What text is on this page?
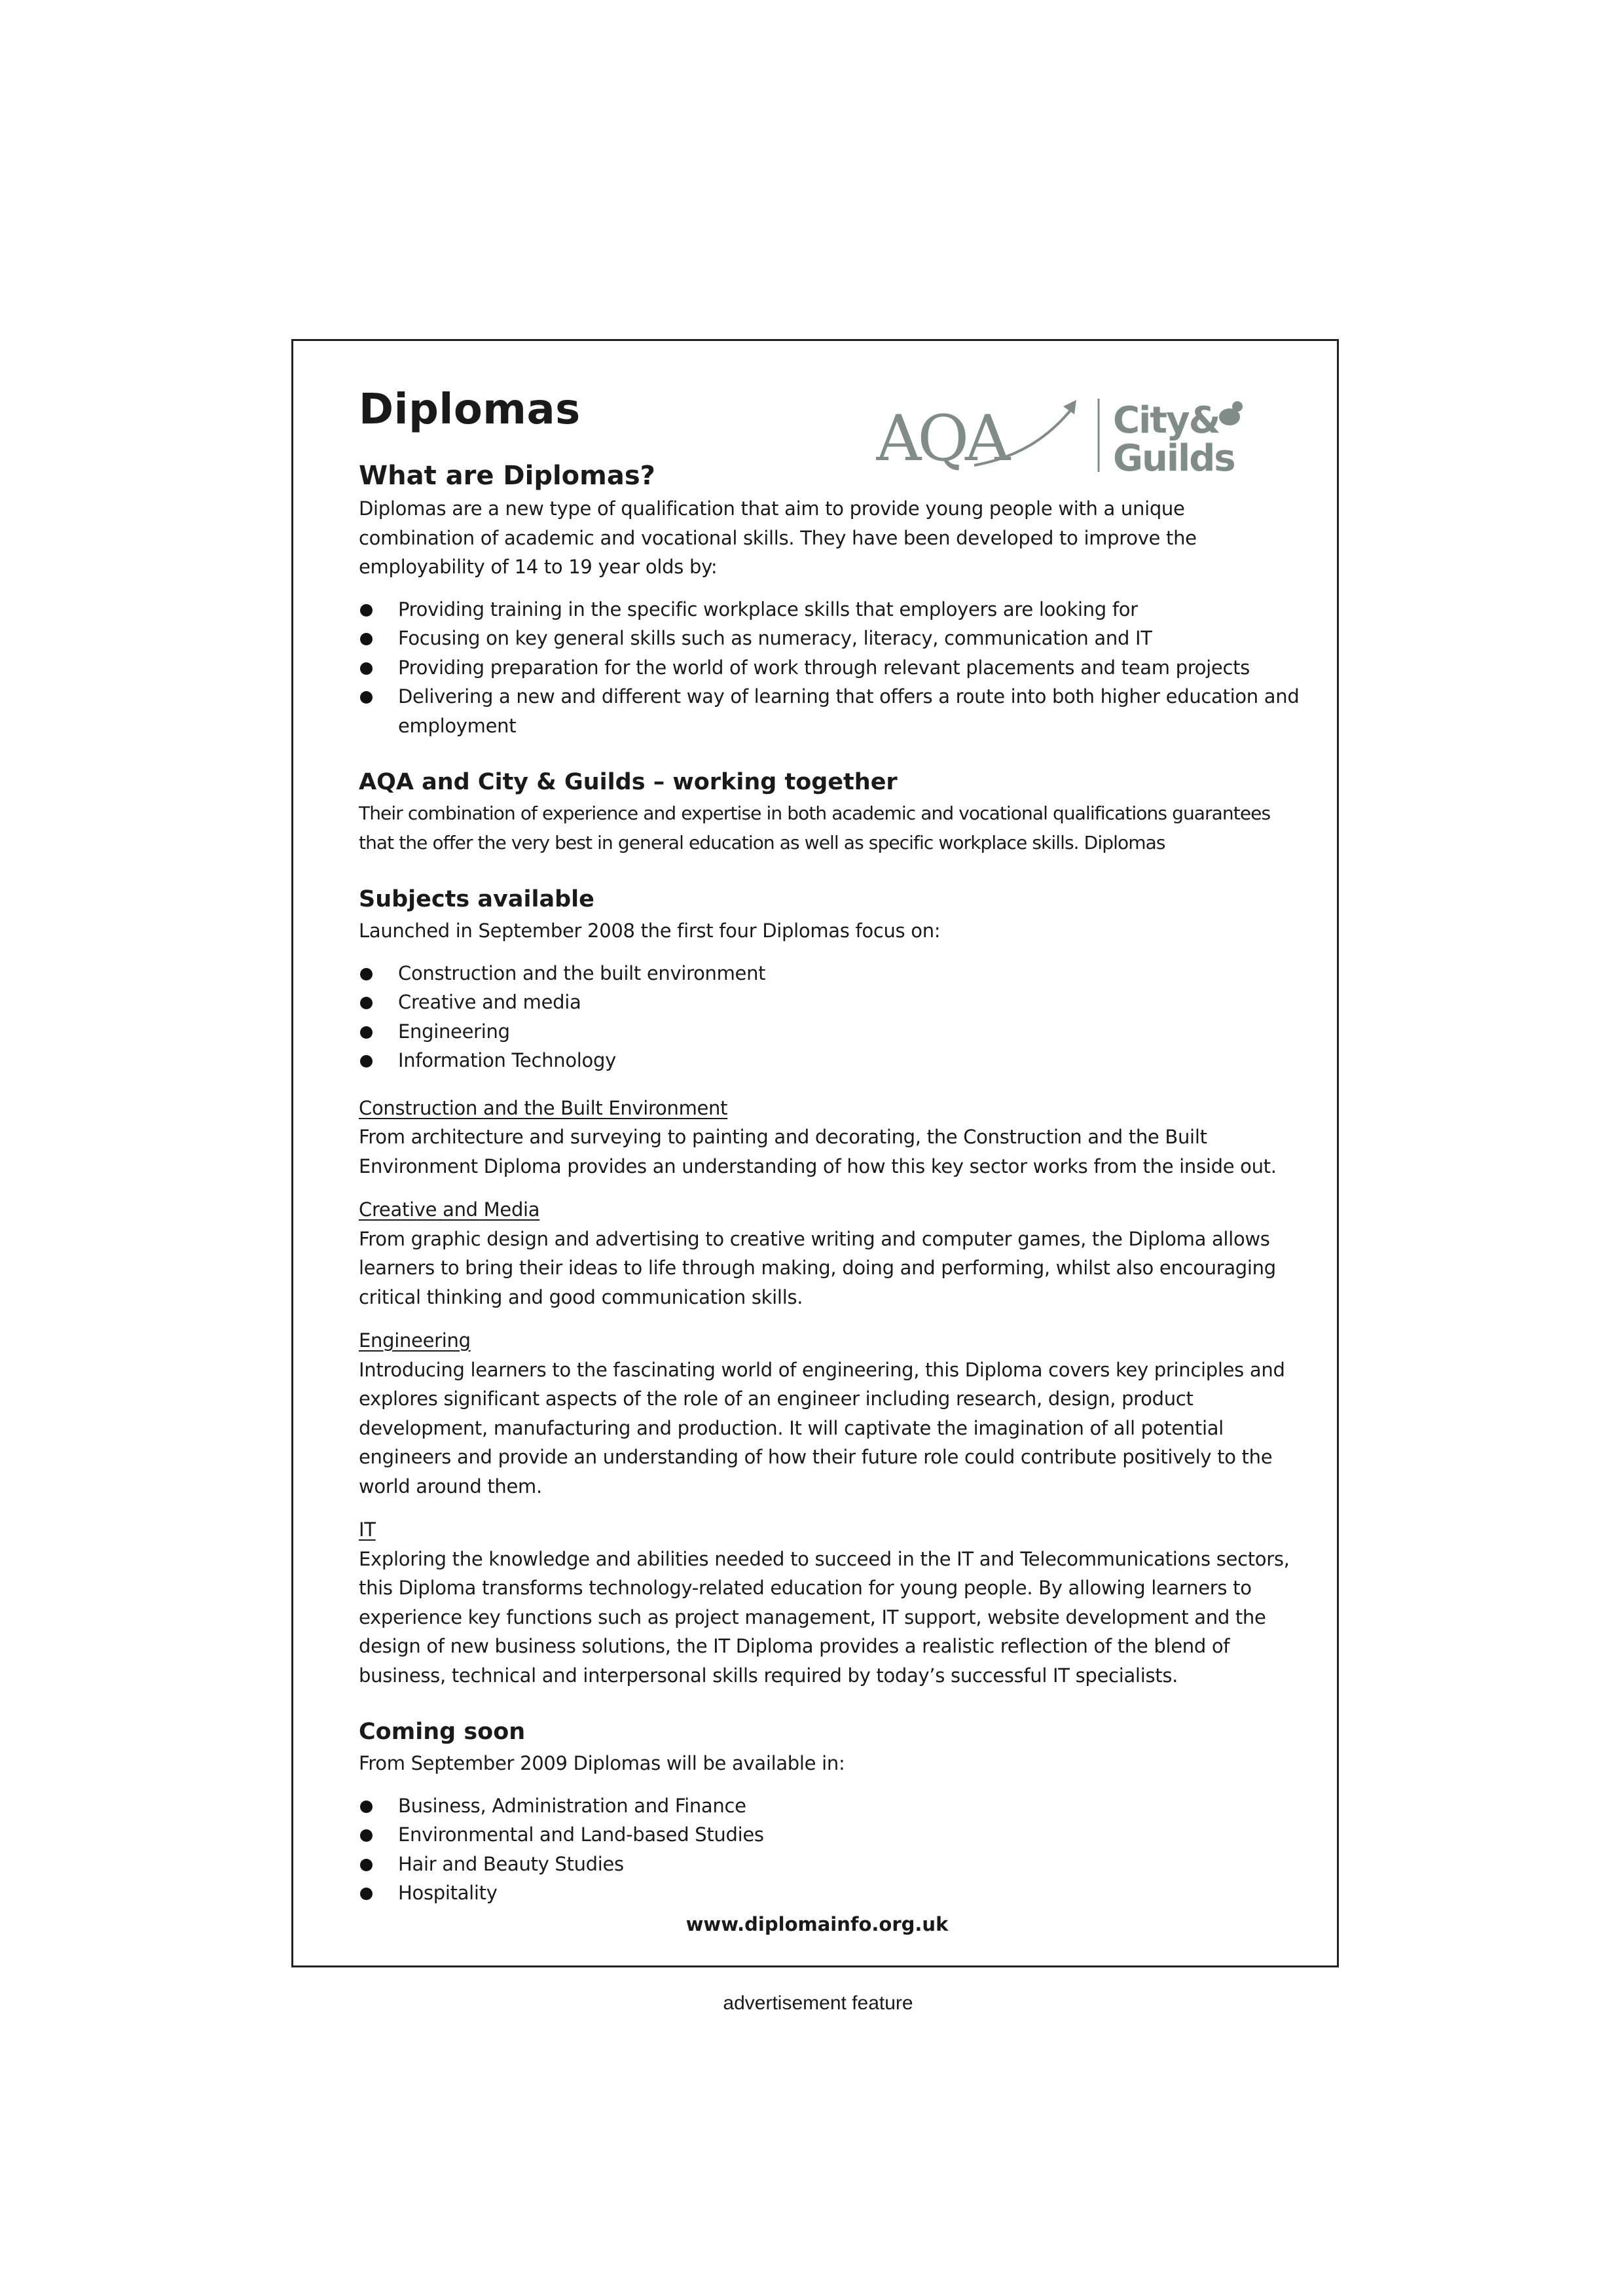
AQA	City&
Guilds
Diplomas
What are Diplomas?

Diplomas are a new type of qualification that aim to provide young people with a unique combination of academic and vocational skills. They have been developed to improve the employability of 14 to 19 year olds by:

Providing training in the specific workplace skills that employers are looking for
Focusing on key general skills such as numeracy, literacy, communication and IT
Providing preparation for the world of work through relevant placements and team projects
Delivering a new and different way of learning that offers a route into both higher education and employment
AQA and City & Guilds – working together

Their combination of experience and expertise in both academic and vocational qualifications guarantees that the offer the very best in general education as well as specific workplace skills. Diplomas

Subjects available

Launched in September 2008 the first four Diplomas focus on:

Construction and the built environment
Creative and media
Engineering
Information Technology
Construction and the Built Environment

From architecture and surveying to painting and decorating, the Construction and the Built Environment Diploma provides an understanding of how this key sector works from the inside out.

Creative and Media

From graphic design and advertising to creative writing and computer games, the Diploma allows learners to bring their ideas to life through making, doing and performing, whilst also encouraging critical thinking and good communication skills.

Engineering

Introducing learners to the fascinating world of engineering, this Diploma covers key principles and explores significant aspects of the role of an engineer including research, design, product development, manufacturing and production. It will captivate the imagination of all potential engineers and provide an understanding of how their future role could contribute positively to the world around them.

IT

Exploring the knowledge and abilities needed to succeed in the IT and Telecommunications sectors, this Diploma transforms technology-related education for young people. By allowing learners to experience key functions such as project management, IT support, website development and the design of new business solutions, the IT Diploma provides a realistic reflection of the blend of business, technical and interpersonal skills required by today’s successful IT specialists.

Coming soon

From September 2009 Diplomas will be available in:

Business, Administration and Finance
Environmental and Land-based Studies
Hair and Beauty Studies
Hospitality
www.diplomainfo.org.uk
advertisement feature
